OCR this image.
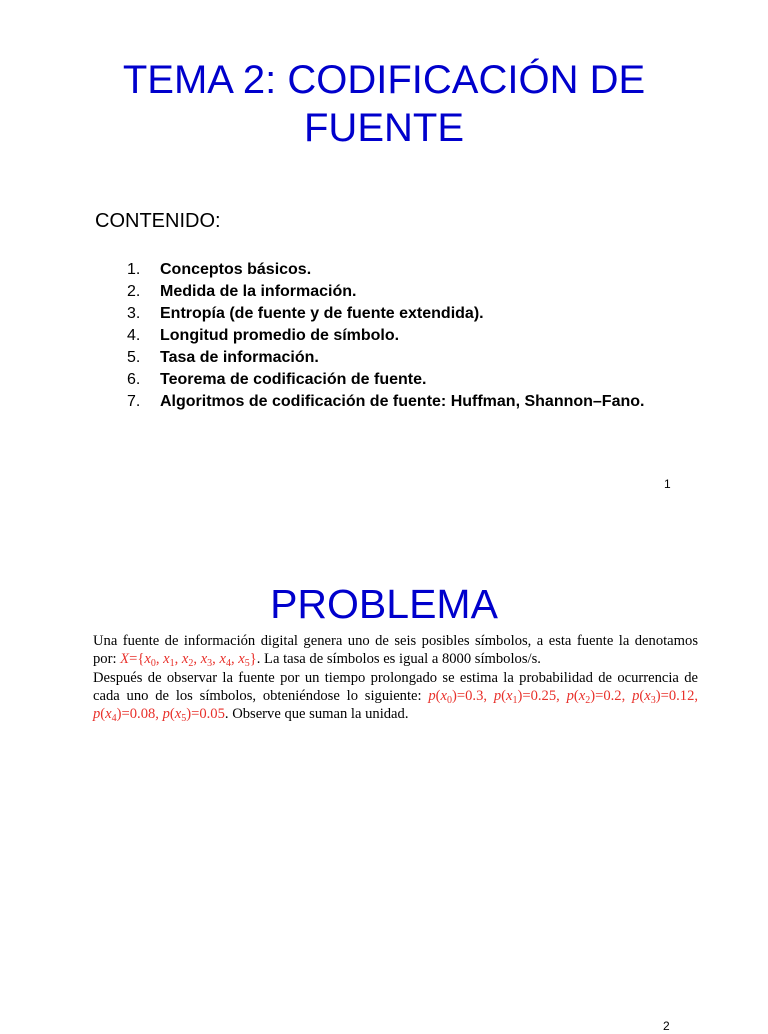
TEMA 2: CODIFICACIÓN DE
FUENTE

CONTENIDO:

1.	Conceptos básicos.
2.	Medida de la información.
3.	Entropía (de fuente y de fuente extendida).
4.	Longitud promedio de símbolo.
5.	Tasa de información.
6.	Teorema de codificación de fuente.
7.	Algoritmos de codificación de fuente: Huffman, Shannon–Fano.
1
PROBLEMA

Una fuente de información digital genera uno de seis posibles símbolos, a esta fuente la denotamos por: $X=\{x_0$, $x_1$, $x_2$, $x_3$, $x_4$, $x_5$}. La tasa de símbolos es igual a 8000 símbolos/s.

Después de observar la fuente por un tiempo prolongado se estima la probabilidad de ocurrencia de cada uno de los símbolos, obteniéndose lo siguiente: $p(x_0)=0.3$, $p(x_1)=0.25$, $p(x_2)=0.2$, $p(x_3)=0.12$, $p(x_4)=0.08$, $p(x_5)=0.05$. Observe que suman la unidad.

2
